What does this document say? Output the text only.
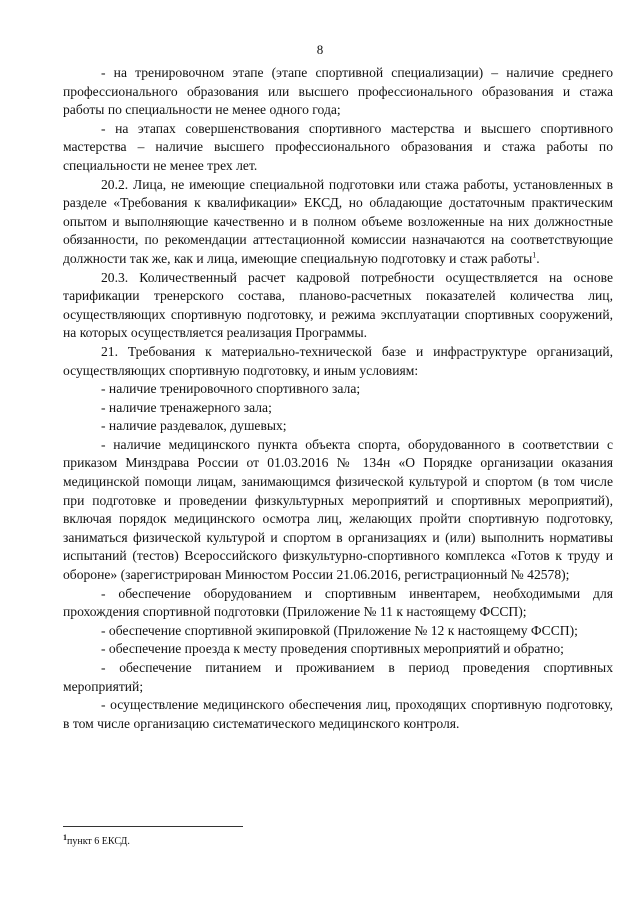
8

- на тренировочном этапе (этапе спортивной специализации) – наличие среднего профессионального образования или высшего профессионального образования и стажа работы по специальности не менее одного года;

- на этапах совершенствования спортивного мастерства и высшего спортивного мастерства – наличие высшего профессионального образования и стажа работы по специальности не менее трех лет.

20.2. Лица, не имеющие специальной подготовки или стажа работы, установленных в разделе «Требования к квалификации» ЕКСД, но обладающие достаточным практическим опытом и выполняющие качественно и в полном объеме возложенные на них должностные обязанности, по рекомендации аттестационной комиссии назначаются на соответствующие должности так же, как и лица, имеющие специальную подготовку и стаж работы$^1$.

20.3. Количественный расчет кадровой потребности осуществляется на основе тарификации тренерского состава, планово-расчетных показателей количества лиц, осуществляющих спортивную подготовку, и режима эксплуатации спортивных сооружений, на которых осуществляется реализация Программы.

21. Требования к материально-технической базе и инфраструктуре организаций, осуществляющих спортивную подготовку, и иным условиям:

- наличие тренировочного спортивного зала;

- наличие тренажерного зала;

- наличие раздевалок, душевых;

- наличие медицинского пункта объекта спорта, оборудованного в соответствии с приказом Минздрава России от 01.03.2016 № 134н «О Порядке организации оказания медицинской помощи лицам, занимающимся физической культурой и спортом (в том числе при подготовке и проведении физкультурных мероприятий и спортивных мероприятий), включая порядок медицинского осмотра лиц, желающих пройти спортивную подготовку, заниматься физической культурой и спортом в организациях и (или) выполнить нормативы испытаний (тестов) Всероссийского физкультурно-спортивного комплекса «Готов к труду и обороне» (зарегистрирован Минюстом России 21.06.2016, регистрационный № 42578);

- обеспечение оборудованием и спортивным инвентарем, необходимыми для прохождения спортивной подготовки (Приложение № 11 к настоящему ФССП);

- обеспечение спортивной экипировкой (Приложение № 12 к настоящему ФССП);

- обеспечение проезда к месту проведения спортивных мероприятий и обратно;

- обеспечение питанием и проживанием в период проведения спортивных мероприятий;

- осуществление медицинского обеспечения лиц, проходящих спортивную подготовку, в том числе организацию систематического медицинского контроля.

$^1$пункт 6 ЕКСД.
